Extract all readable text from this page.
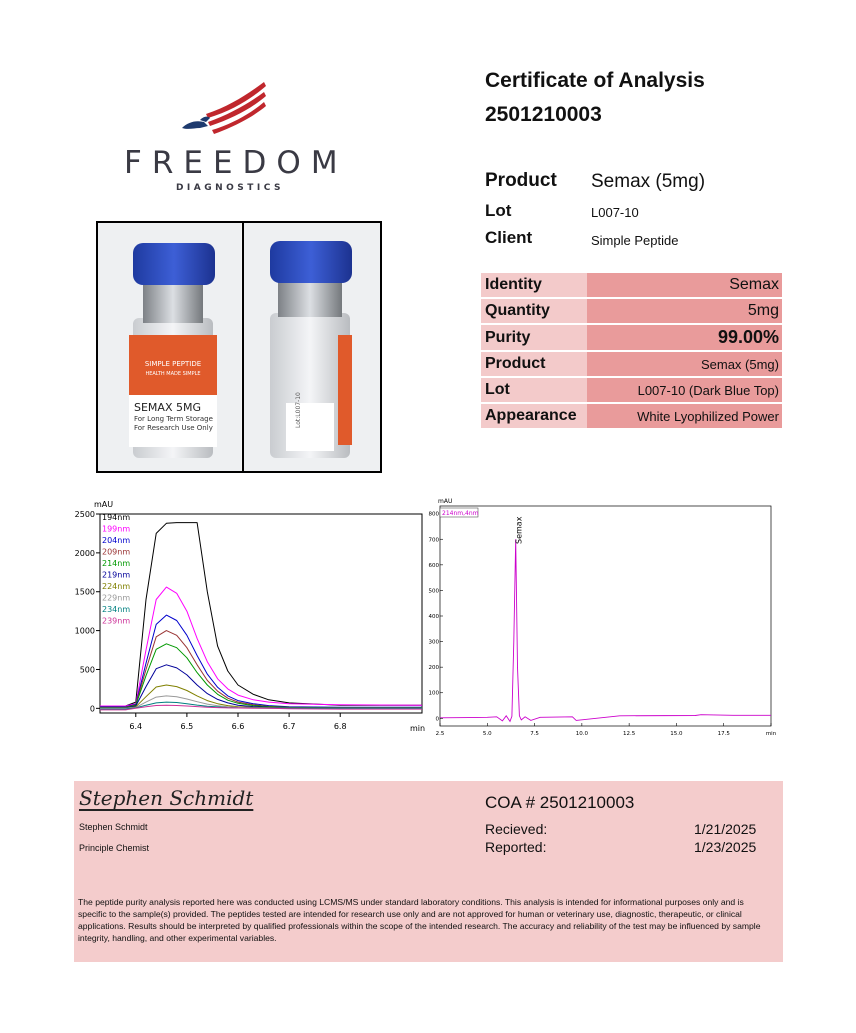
FREEDOM
DIAGNOSTICS
Certificate of Analysis
2501210003
Product Semax (5mg)
Lot	L007-10
Client	Simple Peptide
Identity	Semax
Quantity	5mg
Purity	99.00%
Product	Semax (5mg)
Lot	L007-10 (Dark Blue Top)
Appearance	White Lyophilized Power
SIMPLE PEPTIDE
HEALTH MADE SIMPLE
SEMAX 5MG
For Long Term Storage
For Research Use Only	Lot:L007-10
0
500
1000
1500
2000
2500
6.4	6.5	6.6	6.7	6.8
194nm
199nm
204nm
209nm
214nm
219nm
224nm
229nm
234nm
239nm
mAU
min
0
100
200
300
400
500
600
700
800
2.5	5.0	7.5	10.0	12.5	15.0	17.5	min
mAU
214nm,4nm
Semax
Stephen Schmidt
Stephen Schmidt
Principle Chemist
COA # 2501210003
Recieved:	1/21/2025
Reported:	1/23/2025
The peptide purity analysis reported here was conducted using LCMS/MS under standard laboratory conditions. This analysis is intended for informational purposes only and is specific to the sample(s) provided. The peptides tested are intended for research use only and are not approved for human or veterinary use, diagnostic, therapeutic, or clinical applications. Results should be interpreted by qualified professionals within the scope of the intended research. The accuracy and reliability of the test may be influenced by sample integrity, handling, and other experimental variables.
